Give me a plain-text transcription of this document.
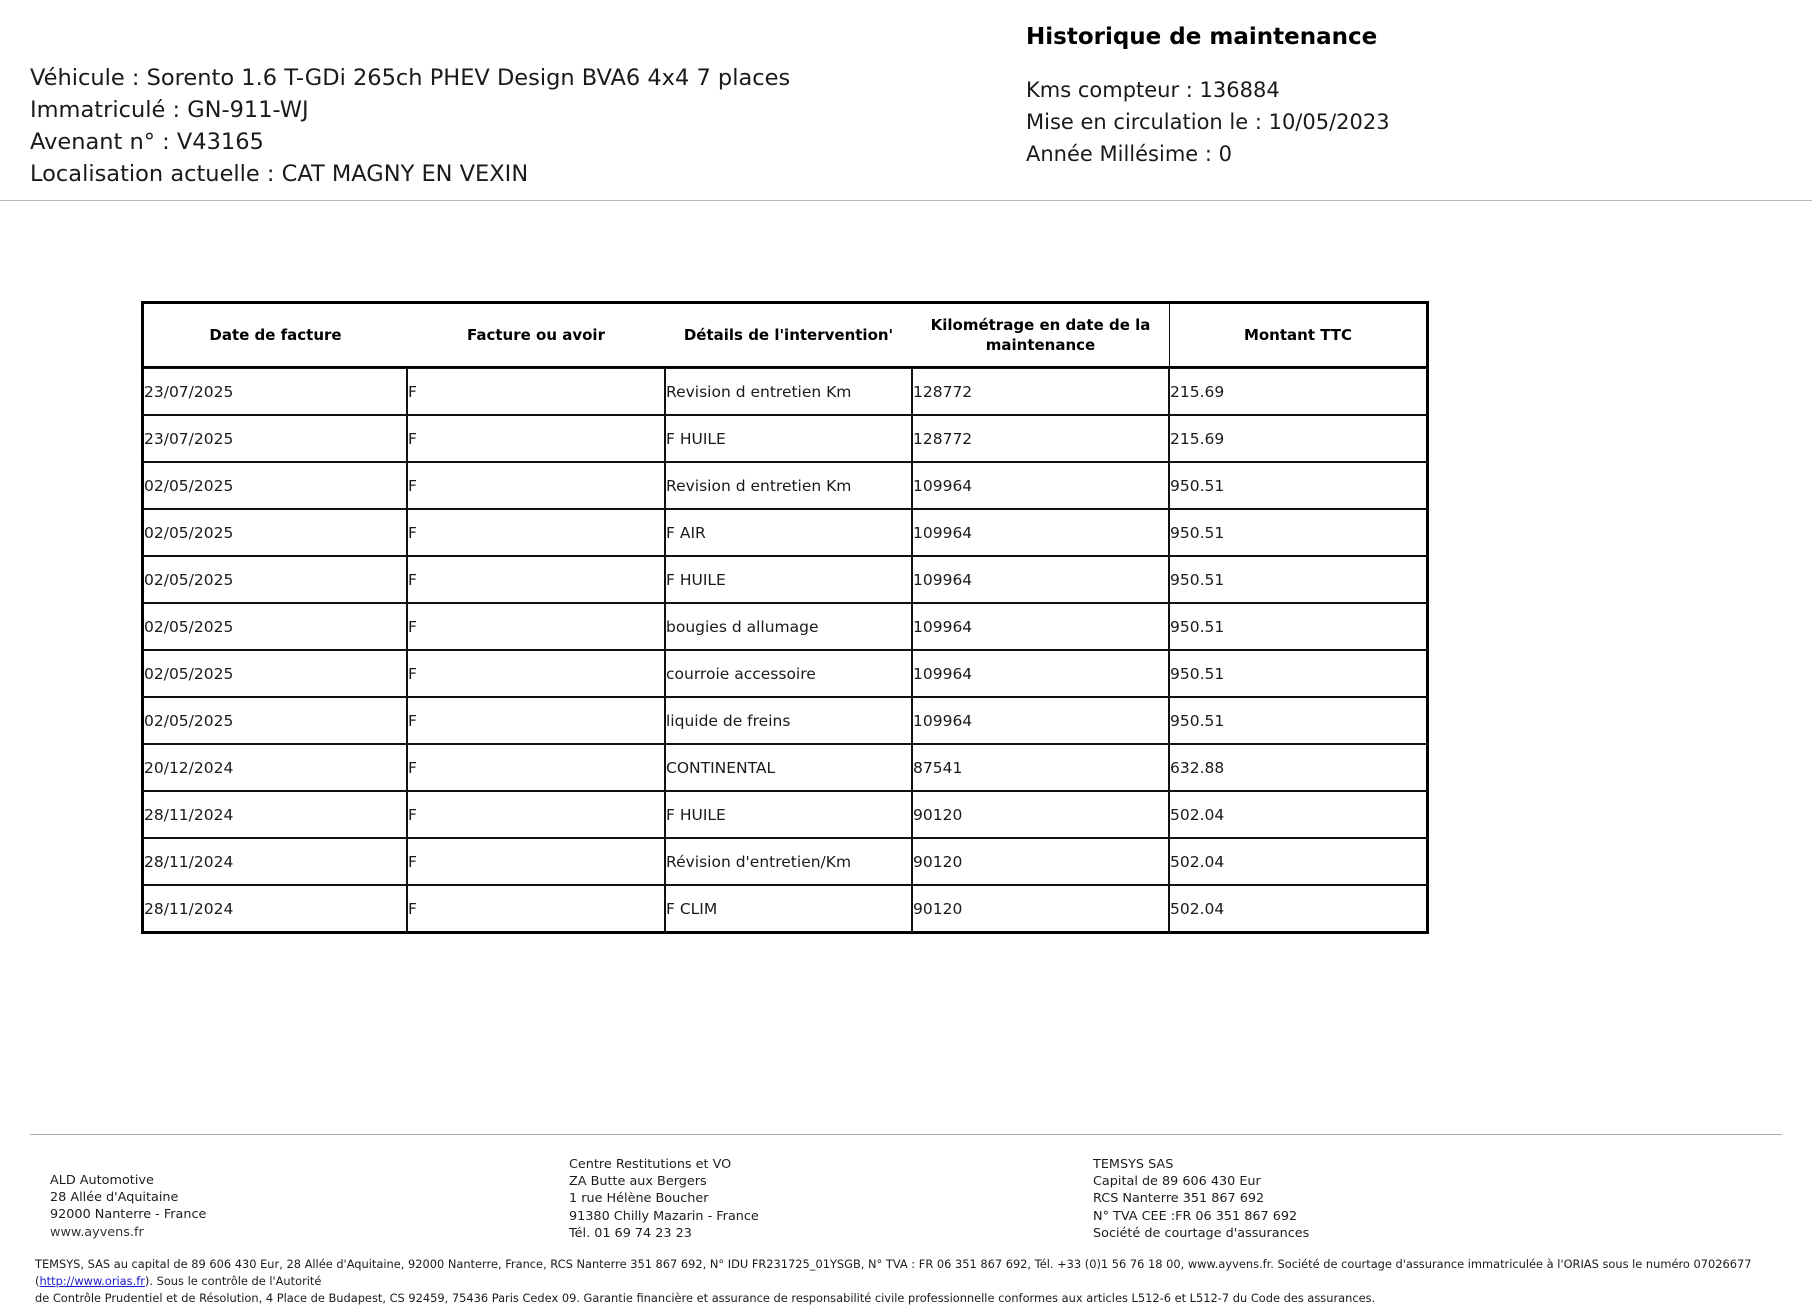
Véhicule : Sorento 1.6 T-GDi 265ch PHEV Design BVA6 4x4 7 places
Immatriculé : GN-911-WJ
Avenant n° : V43165
Localisation actuelle : CAT MAGNY EN VEXIN
Historique de maintenance
Kms compteur : 136884
Mise en circulation le : 10/05/2023
Année Millésime : 0
Date de facture	Facture ou avoir	Détails de l'intervention'	Kilométrage en date de la maintenance	Montant TTC
23/07/2025	F	Revision d entretien Km	128772	215.69
23/07/2025	F	F HUILE	128772	215.69
02/05/2025	F	Revision d entretien Km	109964	950.51
02/05/2025	F	F AIR	109964	950.51
02/05/2025	F	F HUILE	109964	950.51
02/05/2025	F	bougies d allumage	109964	950.51
02/05/2025	F	courroie accessoire	109964	950.51
02/05/2025	F	liquide de freins	109964	950.51
20/12/2024	F	CONTINENTAL	87541	632.88
28/11/2024	F	F HUILE	90120	502.04
28/11/2024	F	Révision d'entretien/Km	90120	502.04
28/11/2024	F	F CLIM	90120	502.04
ALD Automotive
28 Allée d'Aquitaine
92000 Nanterre - France
www.ayvens.fr
Centre Restitutions et VO
ZA Butte aux Bergers
1 rue Hélène Boucher
91380 Chilly Mazarin - France
Tél. 01 69 74 23 23
TEMSYS SAS
Capital de 89 606 430 Eur
RCS Nanterre 351 867 692
N° TVA CEE :FR 06 351 867 692
Société de courtage d'assurances
TEMSYS, SAS au capital de 89 606 430 Eur, 28 Allée d'Aquitaine, 92000 Nanterre, France, RCS Nanterre 351 867 692, N° IDU FR231725_01YSGB, N° TVA : FR 06 351 867 692, Tél. +33 (0)1 56 76 18 00, www.ayvens.fr. Société de courtage d'assurance immatriculée à l'ORIAS sous le numéro 07026677 (http://www.orias.fr). Sous le contrôle de l'Autorité
de Contrôle Prudentiel et de Résolution, 4 Place de Budapest, CS 92459, 75436 Paris Cedex 09. Garantie financière et assurance de responsabilité civile professionnelle conformes aux articles L512-6 et L512-7 du Code des assurances.
